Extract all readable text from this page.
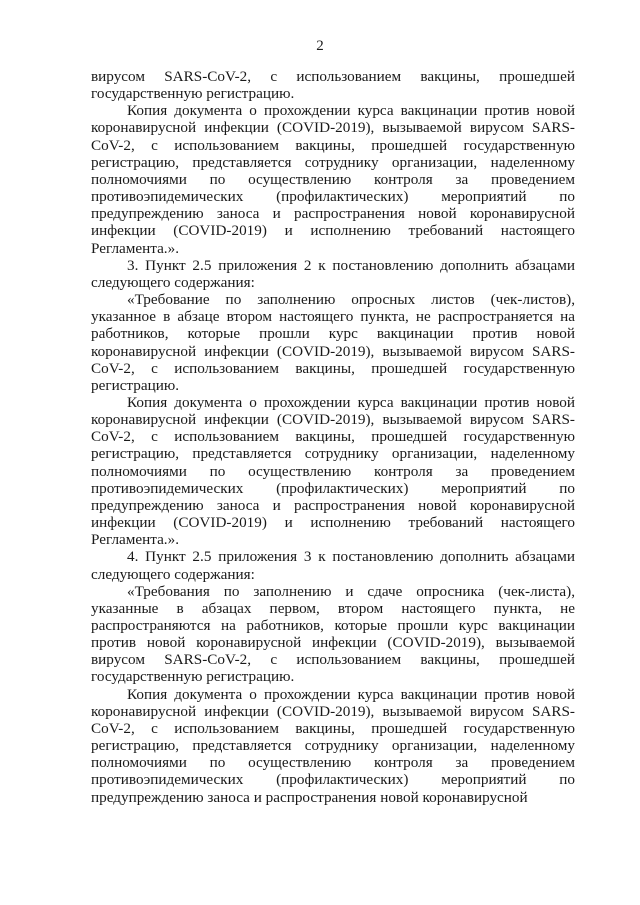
2

вирусом SARS-CoV-2, с использованием вакцины, прошедшей государственную регистрацию.

Копия документа о прохождении курса вакцинации против новой коронавирусной инфекции (COVID-2019), вызываемой вирусом SARS-CoV-2, с использованием вакцины, прошедшей государственную регистрацию, представляется сотруднику организации, наделенному полномочиями по осуществлению контроля за проведением противоэпидемических (профилактических) мероприятий по предупреждению заноса и распространения новой коронавирусной инфекции (COVID-2019) и исполнению требований настоящего Регламента.».

3. Пункт 2.5 приложения 2 к постановлению дополнить абзацами следующего содержания:

«Требование по заполнению опросных листов (чек-листов), указанное в абзаце втором настоящего пункта, не распространяется на работников, которые прошли курс вакцинации против новой коронавирусной инфекции (COVID-2019), вызываемой вирусом SARS-CoV-2, с использованием вакцины, прошедшей государственную регистрацию.

Копия документа о прохождении курса вакцинации против новой коронавирусной инфекции (COVID-2019), вызываемой вирусом SARS-CoV-2, с использованием вакцины, прошедшей государственную регистрацию, представляется сотруднику организации, наделенному полномочиями по осуществлению контроля за проведением противоэпидемических (профилактических) мероприятий по предупреждению заноса и распространения новой коронавирусной инфекции (COVID-2019) и исполнению требований настоящего Регламента.».

4. Пункт 2.5 приложения 3 к постановлению дополнить абзацами следующего содержания:

«Требования по заполнению и сдаче опросника (чек-листа), указанные в абзацах первом, втором настоящего пункта, не распространяются на работников, которые прошли курс вакцинации против новой коронавирусной инфекции (COVID-2019), вызываемой вирусом SARS-CoV-2, с использованием вакцины, прошедшей государственную регистрацию.

Копия документа о прохождении курса вакцинации против новой коронавирусной инфекции (COVID-2019), вызываемой вирусом SARS-CoV-2, с использованием вакцины, прошедшей государственную регистрацию, представляется сотруднику организации, наделенному полномочиями по осуществлению контроля за проведением противоэпидемических (профилактических) мероприятий по предупреждению заноса и распространения новой коронавирусной
